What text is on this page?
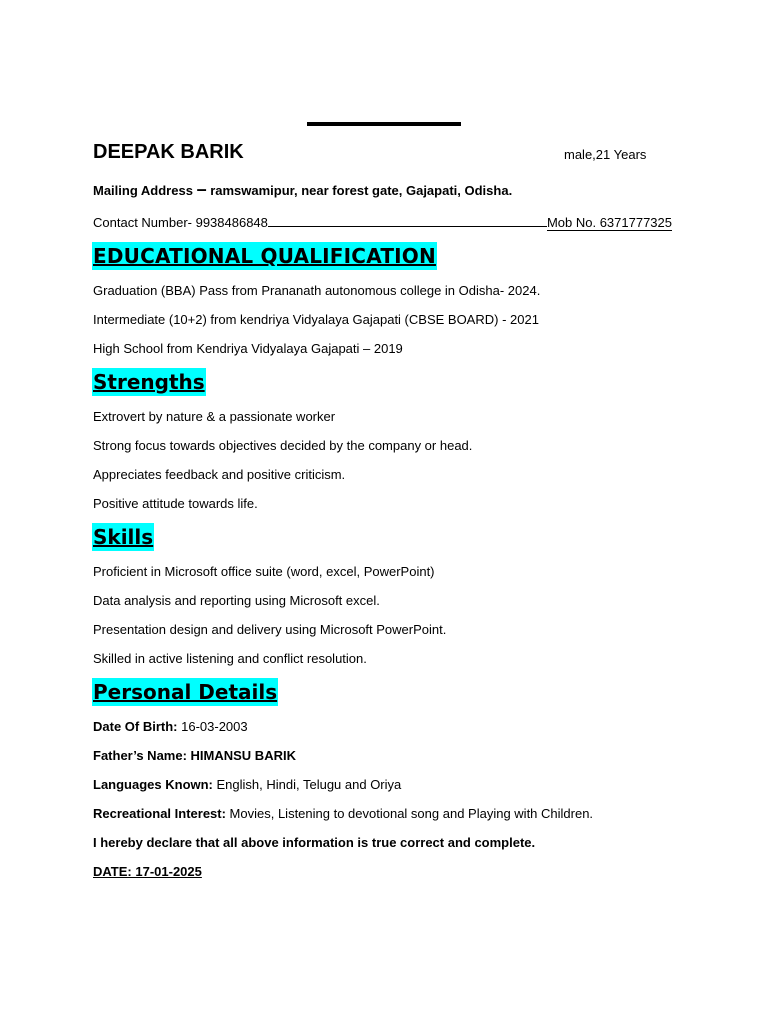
DEEPAK BARIK	male,21 Years
Mailing Address – ramswamipur, near forest gate, Gajapati, Odisha.
Contact Number- 9938486848	Mob No. 6371777325
EDUCATIONAL QUALIFICATION
Graduation (BBA) Pass from Prananath autonomous college in Odisha- 2024.
Intermediate (10+2) from kendriya Vidyalaya Gajapati (CBSE BOARD) - 2021
High School from Kendriya Vidyalaya Gajapati – 2019
Strengths
Extrovert by nature & a passionate worker
Strong focus towards objectives decided by the company or head.
Appreciates feedback and positive criticism.
Positive attitude towards life.
Skills
Proficient in Microsoft office suite (word, excel, PowerPoint)
Data analysis and reporting using Microsoft excel.
Presentation design and delivery using Microsoft PowerPoint.
Skilled in active listening and conflict resolution.
Personal Details
Date Of Birth: 16-03-2003
Father’s Name: HIMANSU BARIK
Languages Known: English, Hindi, Telugu and Oriya
Recreational Interest: Movies, Listening to devotional song and Playing with Children.
I hereby declare that all above information is true correct and complete.
DATE: 17-01-2025
